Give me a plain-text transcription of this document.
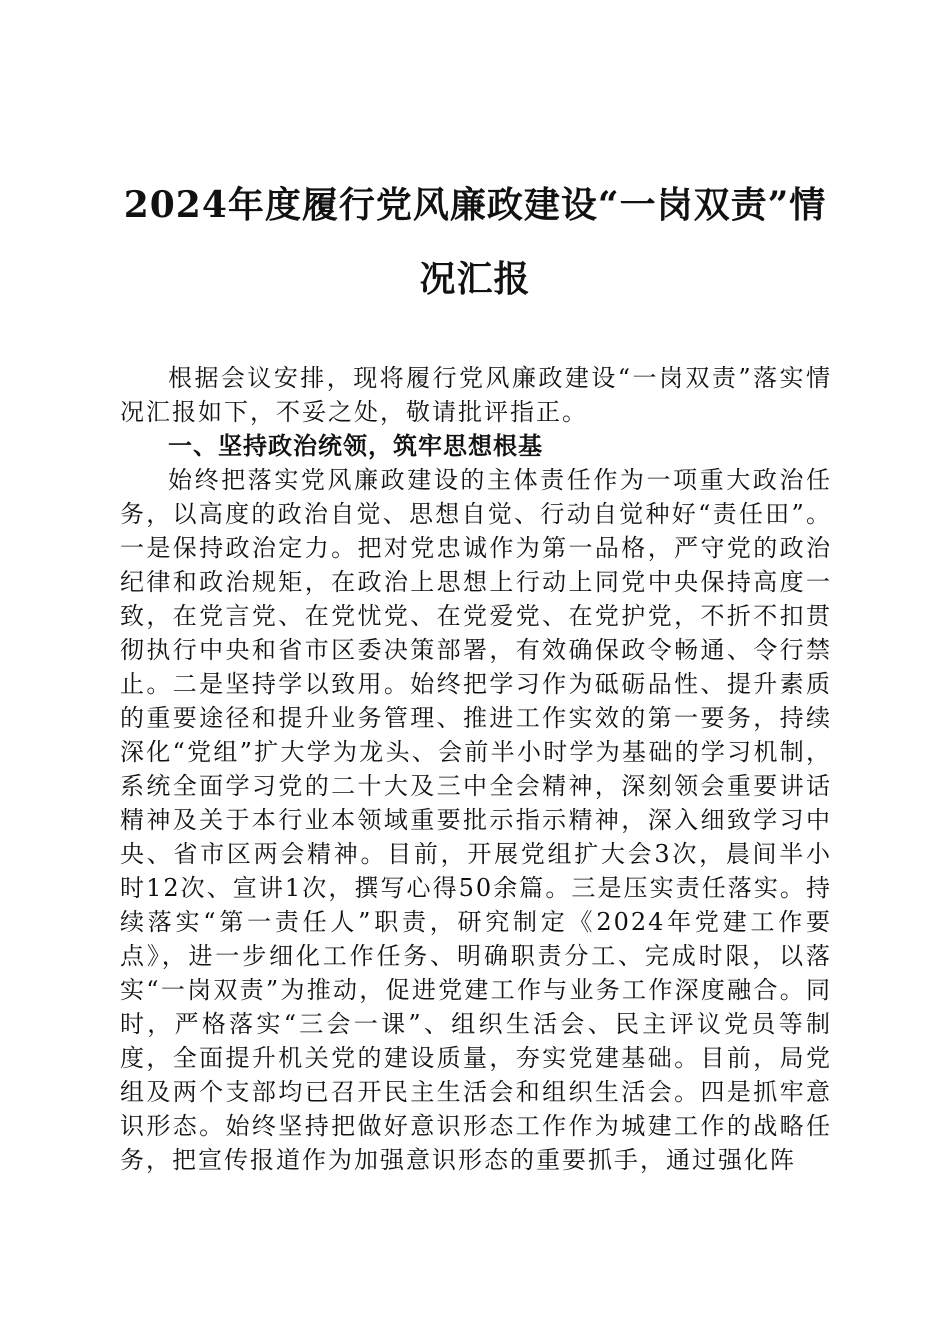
2024年度履行党风廉政建设“一岗双责”情况汇报

根据会议安排，现将履行党风廉政建设“一岗双责”落实情况汇报如下，不妥之处，敬请批评指正。

一、坚持政治统领，筑牢思想根基

始终把落实党风廉政建设的主体责任作为一项重大政治任务，以高度的政治自觉、思想自觉、行动自觉种好“责任田”。一是保持政治定力。把对党忠诚作为第一品格，严守党的政治纪律和政治规矩，在政治上思想上行动上同党中央保持高度一致，在党言党、在党忧党、在党爱党、在党护党，不折不扣贯彻执行中央和省市区委决策部署，有效确保政令畅通、令行禁止。二是坚持学以致用。始终把学习作为砥砺品性、提升素质的重要途径和提升业务管理、推进工作实效的第一要务，持续深化“党组”扩大学为龙头、会前半小时学为基础的学习机制，系统全面学习党的二十大及三中全会精神，深刻领会重要讲话精神及关于本行业本领域重要批示指示精神，深入细致学习中央、省市区两会精神。目前，开展党组扩大会3次，晨间半小时12次、宣讲1次，撰写心得50余篇。三是压实责任落实。持续落实“第一责任人”职责，研究制定《2024年党建工作要点》，进一步细化工作任务、明确职责分工、完成时限，以落实“一岗双责”为推动，促进党建工作与业务工作深度融合。同时，严格落实“三会一课”、组织生活会、民主评议党员等制度，全面提升机关党的建设质量，夯实党建基础。目前，局党组及两个支部均已召开民主生活会和组织生活会。四是抓牢意识形态。始终坚持把做好意识形态工作作为城建工作的战略任务，把宣传报道作为加强意识形态的重要抓手，通过强化阵
